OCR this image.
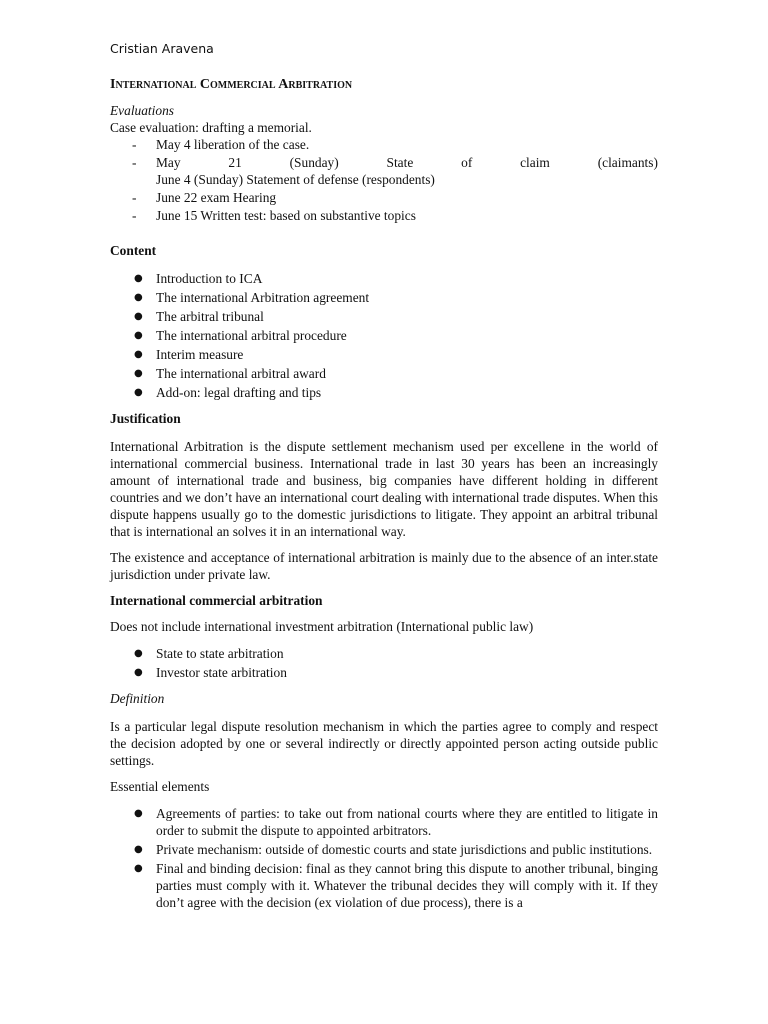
Cristian Aravena
International Commercial Arbitration
Evaluations

Case evaluation: drafting a memorial.

- May 4 liberation of the case.
- May	21	(Sunday)	State	of	claim	(claimants)
June 4 (Sunday) Statement of defense (respondents)
- June 22 exam Hearing
- June 15 Written test: based on substantive topics
Content
● Introduction to ICA
● The international Arbitration agreement
● The arbitral tribunal
● The international arbitral procedure
● Interim measure
● The international arbitral award
● Add-on: legal drafting and tips
Justification

International Arbitration is the dispute settlement mechanism used per excellene in the world of international commercial business. International trade in last 30 years has been an increasingly amount of international trade and business, big companies have different holding in different countries and we don’t have an international court dealing with international trade disputes. When this dispute happens usually go to the domestic jurisdictions to litigate. They appoint an arbitral tribunal that is international an solves it in an international way.

The existence and acceptance of international arbitration is mainly due to the absence of an inter.state jurisdiction under private law.

International commercial arbitration

Does not include international investment arbitration (International public law)

● State to state arbitration
● Investor state arbitration
Definition

Is a particular legal dispute resolution mechanism in which the parties agree to comply and respect the decision adopted by one or several indirectly or directly appointed person acting outside public settings.

Essential elements

● Agreements of parties: to take out from national courts where they are entitled to litigate in order to submit the dispute to appointed arbitrators.
● Private mechanism: outside of domestic courts and state jurisdictions and public institutions.
● Final and binding decision: final as they cannot bring this dispute to another tribunal, binging parties must comply with it. Whatever the tribunal decides they will comply with it. If they don’t agree with the decision (ex violation of due process), there is a
